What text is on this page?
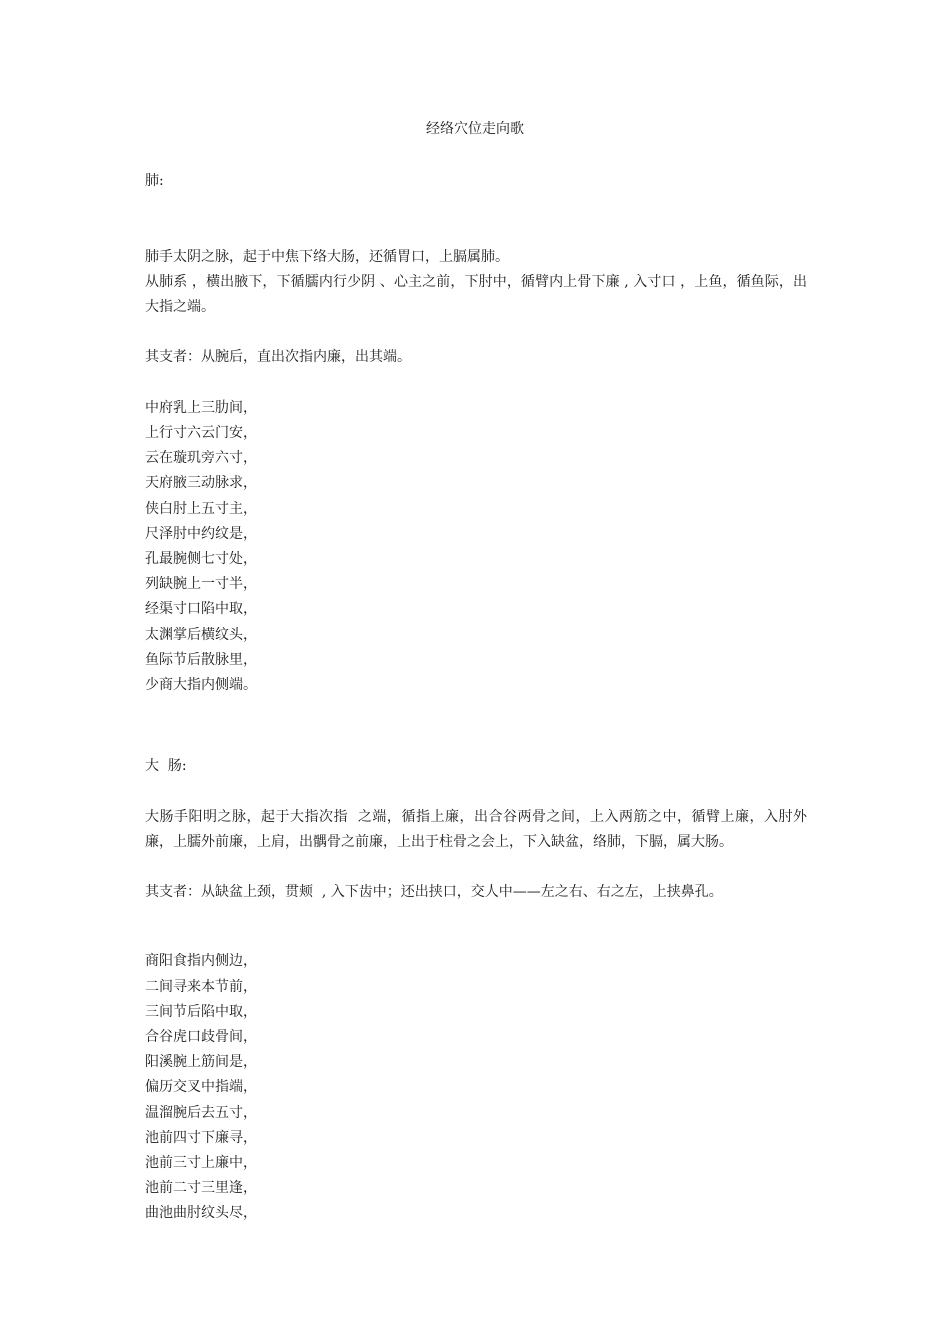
经络穴位走向歌

肺:

肺手太阴之脉，起于中焦下络大肠，还循胃口，上膈属肺。

从肺系 ，横出腋下，下循臑内行少阴 、心主之前，下肘中，循臂内上骨下廉 , 入寸口 ，上鱼，循鱼际，出大指之端。

其支者：从腕后，直出次指内廉，出其端。

中府乳上三肋间，

上行寸六云门安，

云在璇玑旁六寸，

天府腋三动脉求，

侠白肘上五寸主，

尺泽肘中约纹是，

孔最腕侧七寸处，

列缺腕上一寸半，

经渠寸口陷中取，

太渊掌后横纹头，

鱼际节后散脉里，

少商大指内侧端。

大  肠:

大肠手阳明之脉，起于大指次指  之端，循指上廉，出合谷两骨之间，上入两筋之中，循臂上廉，入肘外廉，上臑外前廉，上肩，出髃骨之前廉，上出于柱骨之会上，下入缺盆，络肺，下膈，属大肠。

其支者：从缺盆上颈，贯颊  , 入下齿中；还出挟口，交人中——左之右、右之左，上挟鼻孔。

商阳食指内侧边，

二间寻来本节前，

三间节后陷中取，

合谷虎口歧骨间，

阳溪腕上筋间是，

偏历交叉中指端，

温溜腕后去五寸，

池前四寸下廉寻，

池前三寸上廉中，

池前二寸三里逢，

曲池曲肘纹头尽，
